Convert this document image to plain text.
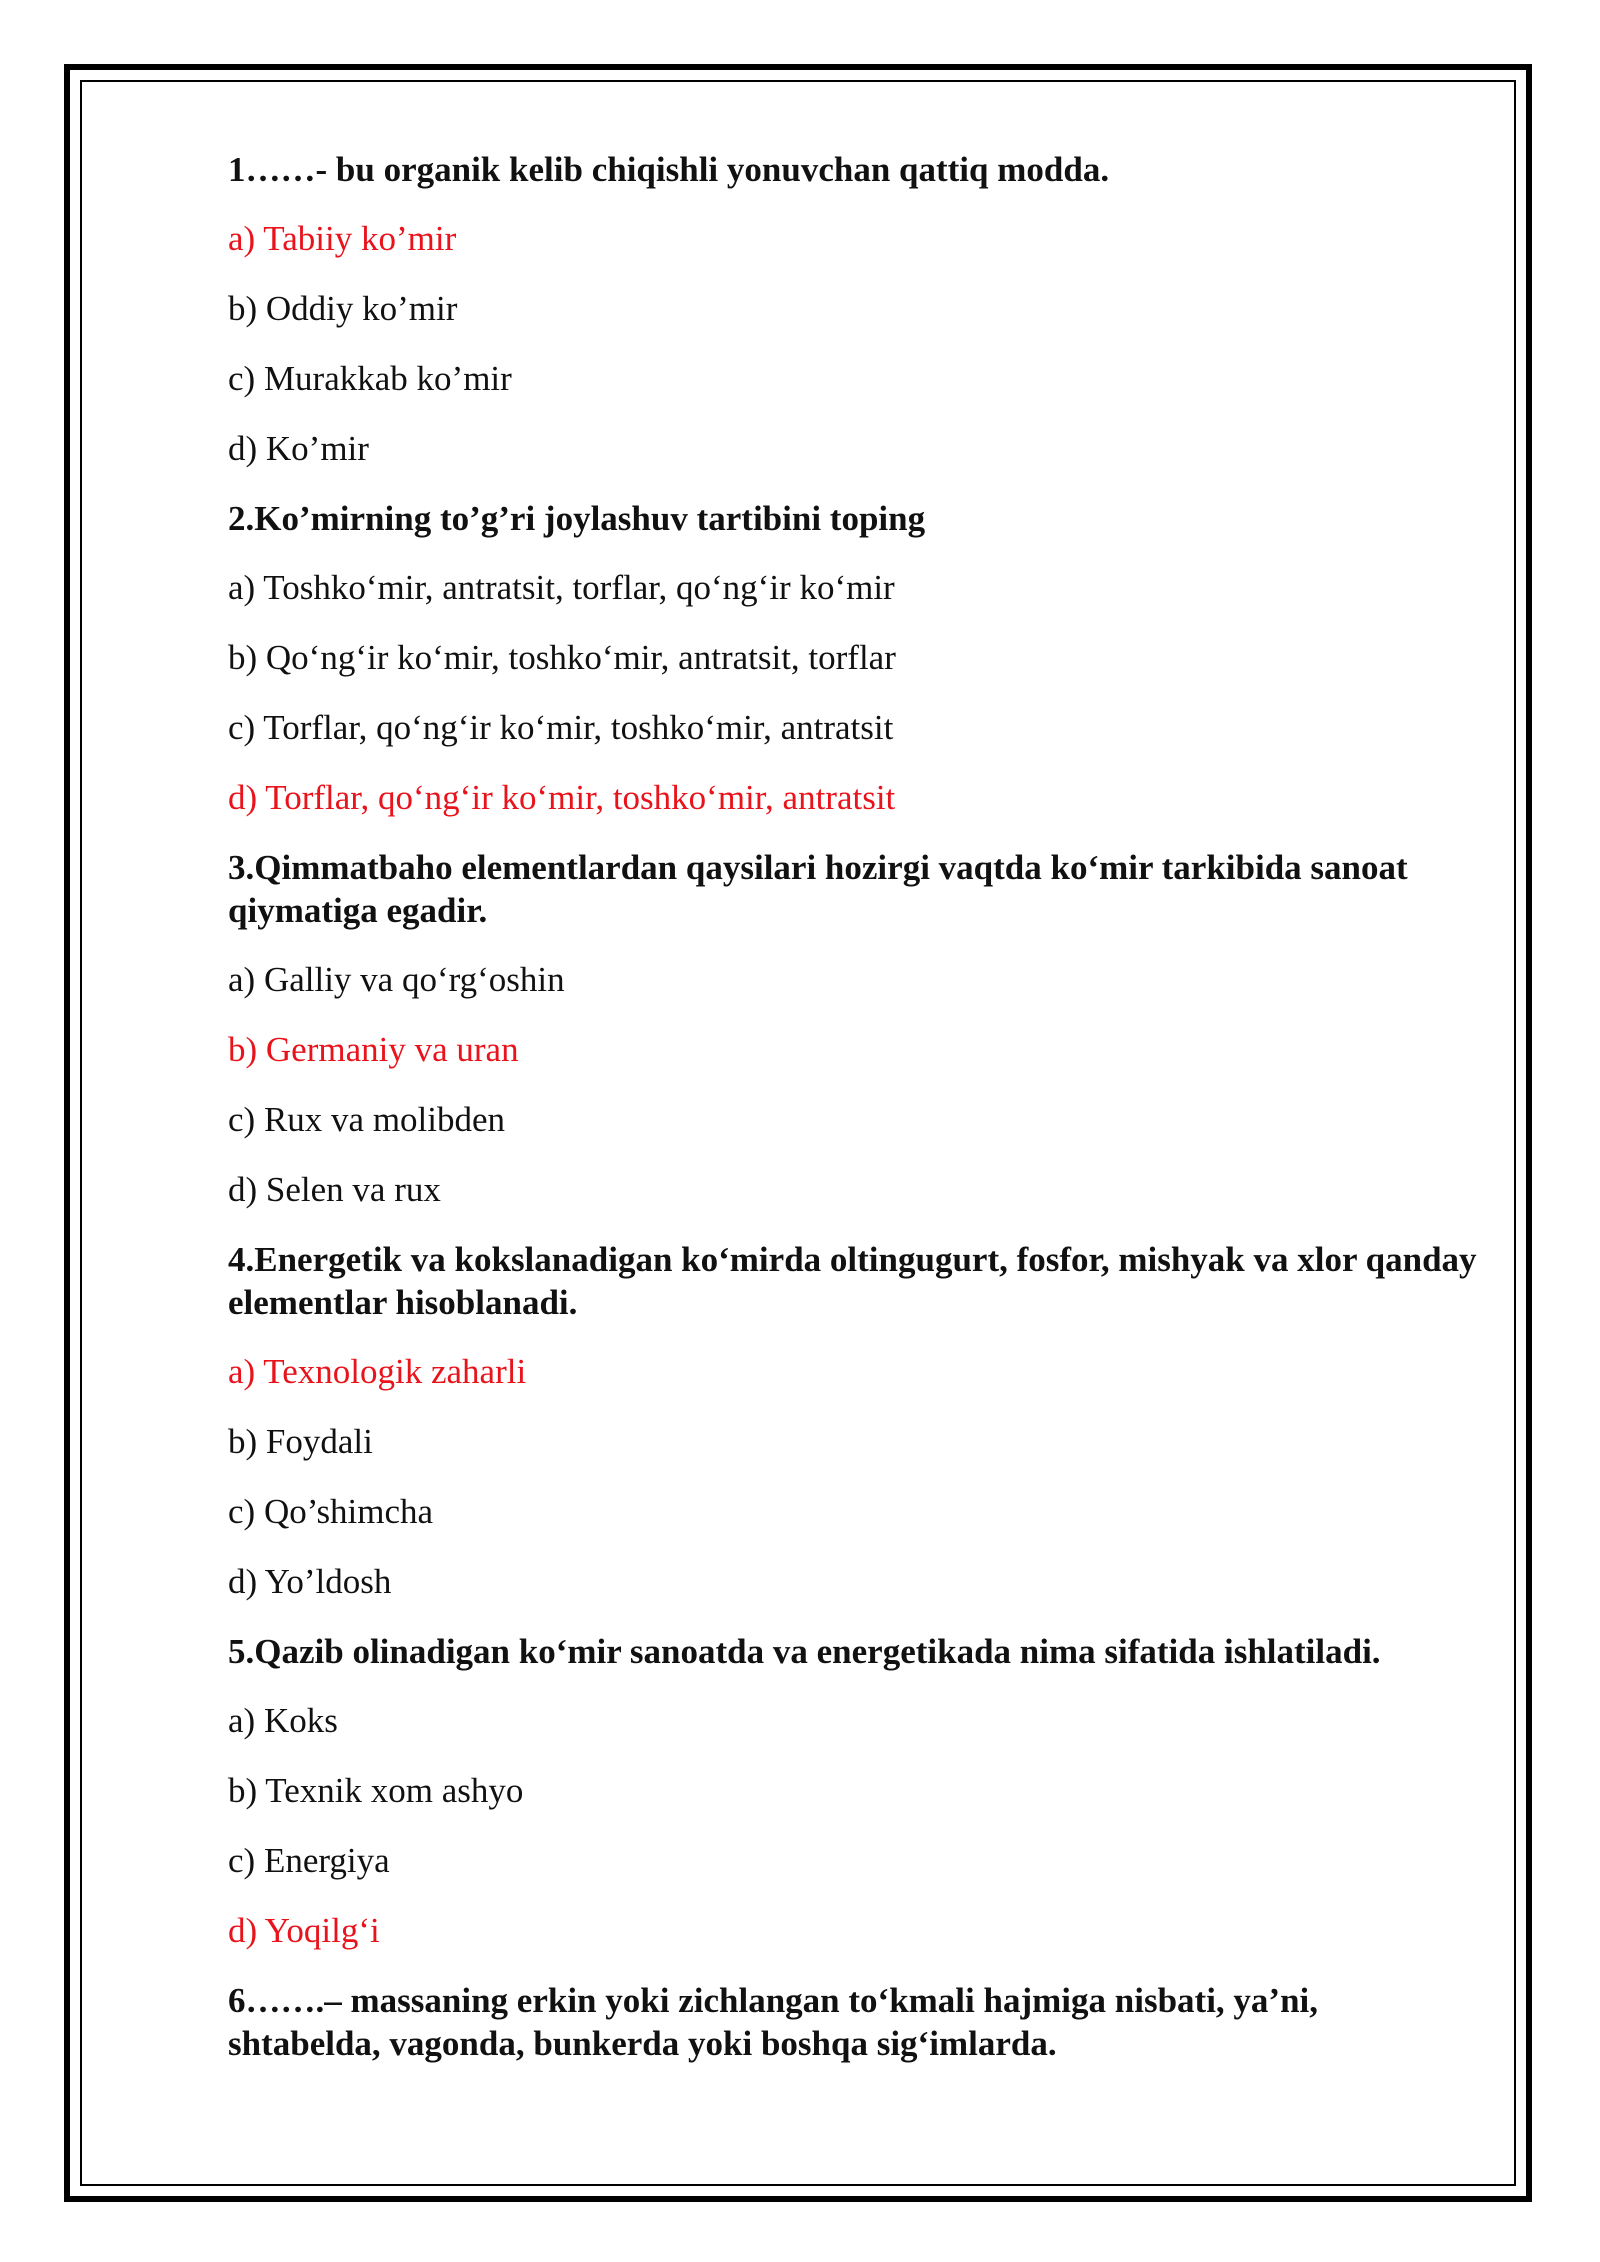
1……- bu organik kelib chiqishli yonuvchan qattiq modda.

a) Tabiiy ko’mir

b) Oddiy ko’mir

c) Murakkab ko’mir

d) Ko’mir

2.Ko’mirning to’g’ri joylashuv tartibini toping

a) Toshko‘mir, antratsit, torflar, qo‘ng‘ir ko‘mir

b) Qo‘ng‘ir ko‘mir, toshko‘mir, antratsit, torflar

c) Torflar, qo‘ng‘ir ko‘mir, toshko‘mir, antratsit

d) Torflar, qo‘ng‘ir ko‘mir, toshko‘mir, antratsit

3.Qimmatbaho elementlardan qaysilari hozirgi vaqtda ko‘mir tarkibida sanoat qiymatiga egadir.

a) Galliy va qo‘rg‘oshin

b) Germaniy va uran

c) Rux va molibden

d) Selen va rux

4.Energetik va kokslanadigan ko‘mirda oltingugurt, fosfor, mishyak va xlor qanday elementlar hisoblanadi.

a) Texnologik zaharli

b) Foydali

c) Qo’shimcha

d) Yo’ldosh

5.Qazib olinadigan ko‘mir sanoatda va energetikada nima sifatida ishlatiladi.

a) Koks

b) Texnik xom ashyo

c) Energiya

d) Yoqilg‘i

6…….– massaning erkin yoki zichlangan to‘kmali hajmiga nisbati, ya’ni, shtabelda, vagonda, bunkerda yoki boshqa sig‘imlarda.
